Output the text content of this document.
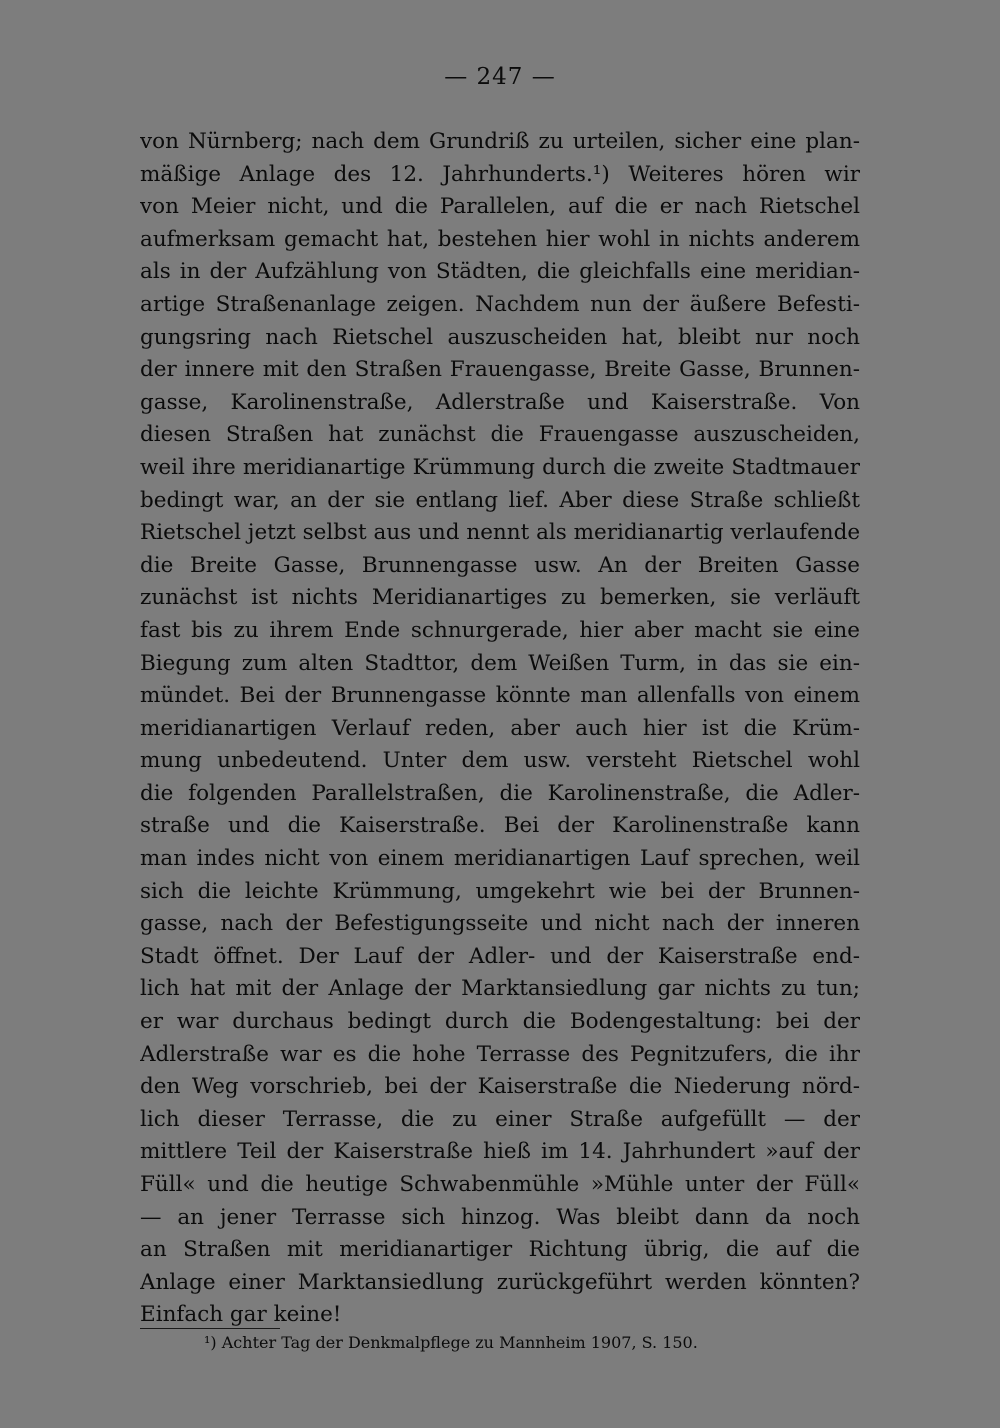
— 247 —
von Nürnberg; nach dem Grundriß zu urteilen, sicher eine plan-
mäßige Anlage des 12. Jahrhunderts.¹) Weiteres hören wir
von Meier nicht, und die Parallelen, auf die er nach Rietschel
aufmerksam gemacht hat, bestehen hier wohl in nichts anderem
als in der Aufzählung von Städten, die gleichfalls eine meridian-
artige Straßenanlage zeigen. Nachdem nun der äußere Befesti-
gungsring nach Rietschel auszuscheiden hat, bleibt nur noch
der innere mit den Straßen Frauengasse, Breite Gasse, Brunnen-
gasse, Karolinenstraße, Adlerstraße und Kaiserstraße. Von
diesen Straßen hat zunächst die Frauengasse auszuscheiden,
weil ihre meridianartige Krümmung durch die zweite Stadtmauer
bedingt war, an der sie entlang lief. Aber diese Straße schließt
Rietschel jetzt selbst aus und nennt als meridianartig verlaufende
die Breite Gasse, Brunnengasse usw. An der Breiten Gasse
zunächst ist nichts Meridianartiges zu bemerken, sie verläuft
fast bis zu ihrem Ende schnurgerade, hier aber macht sie eine
Biegung zum alten Stadttor, dem Weißen Turm, in das sie ein-
mündet. Bei der Brunnengasse könnte man allenfalls von einem
meridianartigen Verlauf reden, aber auch hier ist die Krüm-
mung unbedeutend. Unter dem usw. versteht Rietschel wohl
die folgenden Parallelstraßen, die Karolinenstraße, die Adler-
straße und die Kaiserstraße. Bei der Karolinenstraße kann
man indes nicht von einem meridianartigen Lauf sprechen, weil
sich die leichte Krümmung, umgekehrt wie bei der Brunnen-
gasse, nach der Befestigungsseite und nicht nach der inneren
Stadt öffnet. Der Lauf der Adler- und der Kaiserstraße end-
lich hat mit der Anlage der Marktansiedlung gar nichts zu tun;
er war durchaus bedingt durch die Bodengestaltung: bei der
Adlerstraße war es die hohe Terrasse des Pegnitzufers, die ihr
den Weg vorschrieb, bei der Kaiserstraße die Niederung nörd-
lich dieser Terrasse, die zu einer Straße aufgefüllt — der
mittlere Teil der Kaiserstraße hieß im 14. Jahrhundert »auf der
Füll« und die heutige Schwabenmühle »Mühle unter der Füll«
— an jener Terrasse sich hinzog. Was bleibt dann da noch
an Straßen mit meridianartiger Richtung übrig, die auf die
Anlage einer Marktansiedlung zurückgeführt werden könnten?
Einfach gar keine!
¹) Achter Tag der Denkmalpflege zu Mannheim 1907, S. 150.
